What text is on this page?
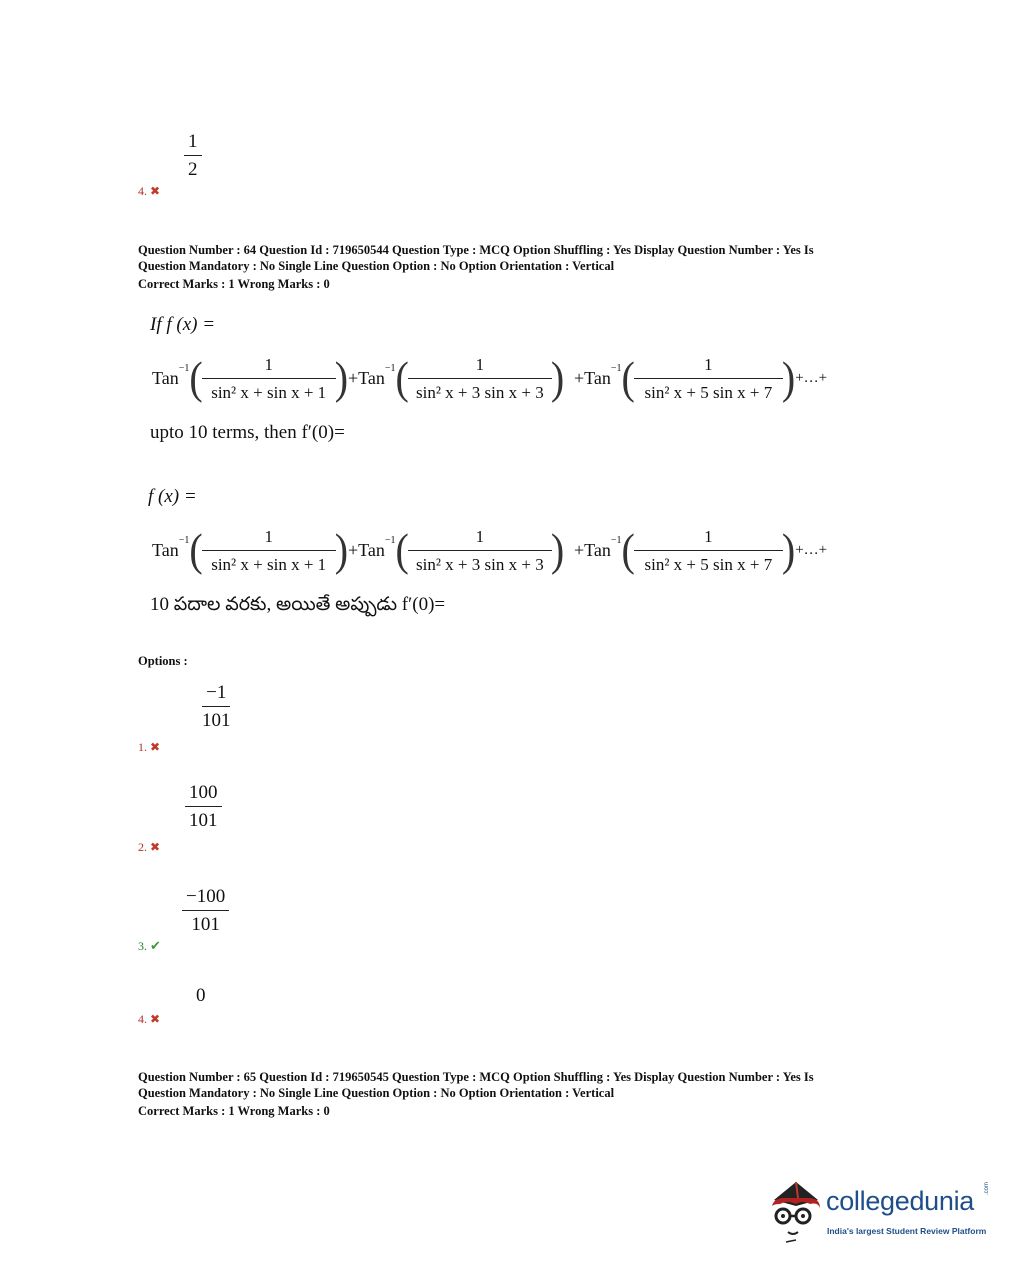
$\frac{1}{2}$
4. ✖
Question Number : 64 Question Id : 719650544 Question Type : MCQ Option Shuffling : Yes Display Question Number : Yes Is
Question Mandatory : No Single Line Question Option : No Option Orientation : Vertical
Correct Marks : 1 Wrong Marks : 0
If f (x) =
Tan$^{-1}$ ( $\frac{1}{\text{sin² x + sin x + 1}}$ ) + Tan$^{-1}$ ( $\frac{1}{\text{sin² x + 3 sin x + 3}}$ ) + Tan$^{-1}$ ( $\frac{1}{\text{sin² x + 5 sin x + 7}}$ ) +…+
upto 10 terms, then f′(0)=
f (x) =
Tan$^{-1}$ ( $\frac{1}{\text{sin² x + sin x + 1}}$ ) + Tan$^{-1}$ ( $\frac{1}{\text{sin² x + 3 sin x + 3}}$ ) + Tan$^{-1}$ ( $\frac{1}{\text{sin² x + 5 sin x + 7}}$ ) +…+
10 పదాల వరకు, అయితే అప్పుడు f′(0)=
Options :
$\frac{-1}{101}$
1. ✖
$\frac{100}{101}$
2. ✖
$\frac{-100}{101}$
3. ✔
0
4. ✖
Question Number : 65 Question Id : 719650545 Question Type : MCQ Option Shuffling : Yes Display Question Number : Yes Is
Question Mandatory : No Single Line Question Option : No Option Orientation : Vertical
Correct Marks : 1 Wrong Marks : 0
collegedunia .com
India's largest Student Review Platform
